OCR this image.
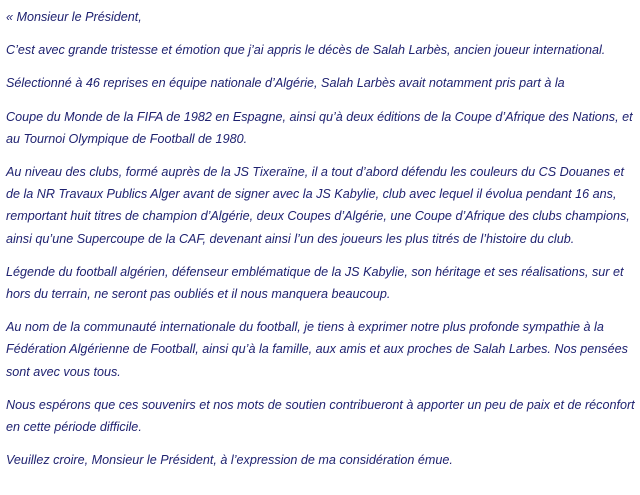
« Monsieur le Président,

C’est avec grande tristesse et émotion que j’ai appris le décès de Salah Larbès, ancien joueur international.

Sélectionné à 46 reprises en équipe nationale d’Algérie, Salah Larbès avait notamment pris part à la

Coupe du Monde de la FIFA de 1982 en Espagne, ainsi qu’à deux éditions de la Coupe d’Afrique des Nations, et au Tournoi Olympique de Football de 1980.

Au niveau des clubs, formé auprès de la JS Tixeraïne, il a tout d’abord défendu les couleurs du CS Douanes et de la NR Travaux Publics Alger avant de signer avec la JS Kabylie, club avec lequel il évolua pendant 16 ans, remportant huit titres de champion d’Algérie, deux Coupes d’Algérie, une Coupe d’Afrique des clubs champions, ainsi qu’une Supercoupe de la CAF, devenant ainsi l’un des joueurs les plus titrés de l’histoire du club.

Légende du football algérien, défenseur emblématique de la JS Kabylie, son héritage et ses réalisations, sur et hors du terrain, ne seront pas oubliés et il nous manquera beaucoup.

Au nom de la communauté internationale du football, je tiens à exprimer notre plus profonde sympathie à la Fédération Algérienne de Football, ainsi qu’à la famille, aux amis et aux proches de Salah Larbes. Nos pensées sont avec vous tous.

Nous espérons que ces souvenirs et nos mots de soutien contribueront à apporter un peu de paix et de réconfort en cette période difficile.

Veuillez croire, Monsieur le Président, à l’expression de ma considération émue.
